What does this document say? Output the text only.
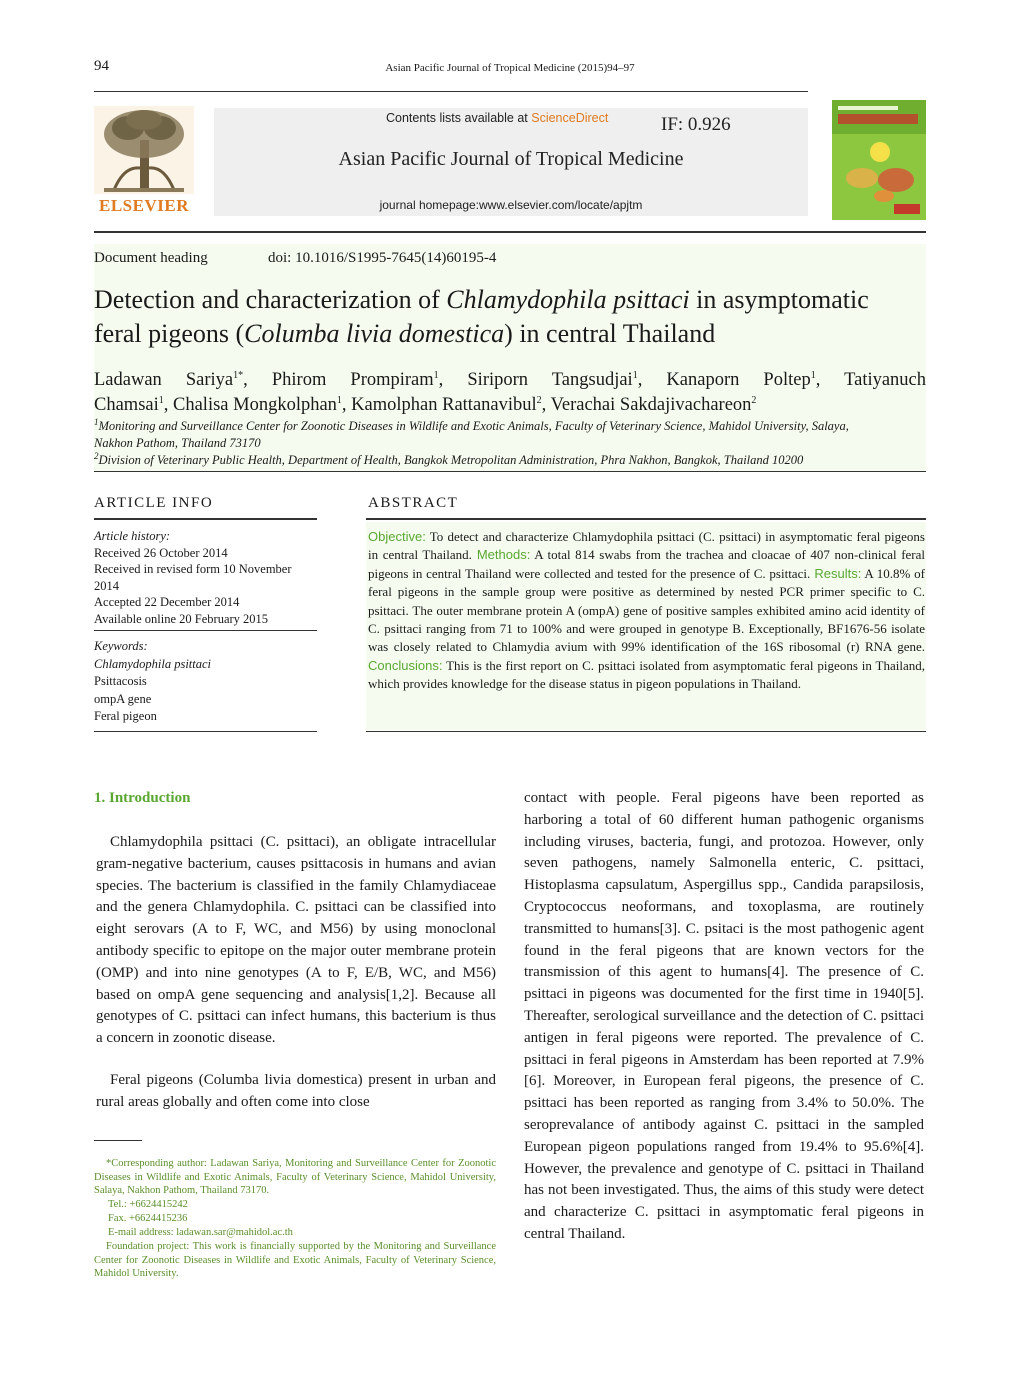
94	Asian Pacific Journal of Tropical Medicine (2015)94–97
ELSEVIER
Contents lists available at ScienceDirect	IF: 0.926
Asian Pacific Journal of Tropical Medicine
journal homepage:www.elsevier.com/locate/apjtm
Document heading	doi: 10.1016/S1995-7645(14)60195-4
Detection and characterization of Chlamydophila psittaci in asymptomatic
feral pigeons (Columba livia domestica) in central Thailand
Ladawan Sariya$^{1*}$, Phirom Prompiram$^1$, Siriporn Tangsudjai$^1$, Kanaporn Poltep$^1$, Tatiyanuch
Chamsai$^1$, Chalisa Mongkolphan$^1$, Kamolphan Rattanavibul$^2$, Verachai Sakdajivachareon$^2$
$^1$Monitoring and Surveillance Center for Zoonotic Diseases in Wildlife and Exotic Animals, Faculty of Veterinary Science, Mahidol University, Salaya,
Nakhon Pathom, Thailand 73170
$^2$Division of Veterinary Public Health, Department of Health, Bangkok Metropolitan Administration, Phra Nakhon, Bangkok, Thailand 10200
ARTICLE INFO
Article history:
Received 26 October 2014
Received in revised form 10 November 2014
Accepted 22 December 2014
Available online 20 February 2015
Keywords:
Chlamydophila psittaci
Psittacosis
ompA gene
Feral pigeon
ABSTRACT
Objective: To detect and characterize Chlamydophila psittaci (C. psittaci) in asymptomatic feral pigeons in central Thailand. Methods: A total 814 swabs from the trachea and cloacae of 407 non-clinical feral pigeons in central Thailand were collected and tested for the presence of C. psittaci. Results: A 10.8% of feral pigeons in the sample group were positive as determined by nested PCR primer specific to C. psittaci. The outer membrane protein A (ompA) gene of positive samples exhibited amino acid identity of C. psittaci ranging from 71 to 100% and were grouped in genotype B. Exceptionally, BF1676-56 isolate was closely related to Chlamydia avium with 99% identification of the 16S ribosomal (r) RNA gene. Conclusions: This is the first report on C. psittaci isolated from asymptomatic feral pigeons in Thailand, which provides knowledge for the disease status in pigeon populations in Thailand.
1. Introduction
Chlamydophila psittaci (C. psittaci), an obligate intracellular gram-negative bacterium, causes psittacosis in humans and avian species. The bacterium is classified in the family Chlamydiaceae and the genera Chlamydophila. C. psittaci can be classified into eight serovars (A to F, WC, and M56) by using monoclonal antibody specific to epitope on the major outer membrane protein (OMP) and into nine genotypes (A to F, E/B, WC, and M56) based on ompA gene sequencing and analysis[1,2]. Because all genotypes of C. psittaci can infect humans, this bacterium is thus a concern in zoonotic disease.
Feral pigeons (Columba livia domestica) present in urban and rural areas globally and often come into close
contact with people. Feral pigeons have been reported as harboring a total of 60 different human pathogenic organisms including viruses, bacteria, fungi, and protozoa. However, only seven pathogens, namely Salmonella enteric, C. psittaci, Histoplasma capsulatum, Aspergillus spp., Candida parapsilosis, Cryptococcus neoformans, and toxoplasma, are routinely transmitted to humans[3]. C. psitaci is the most pathogenic agent found in the feral pigeons that are known vectors for the transmission of this agent to humans[4]. The presence of C. psittaci in pigeons was documented for the first time in 1940[5]. Thereafter, serological surveillance and the detection of C. psittaci antigen in feral pigeons were reported. The prevalence of C. psittaci in feral pigeons in Amsterdam has been reported at 7.9%[6]. Moreover, in European feral pigeons, the presence of C. psittaci has been reported as ranging from 3.4% to 50.0%. The seroprevalance of antibody against C. psittaci in the sampled European pigeon populations ranged from 19.4% to 95.6%[4]. However, the prevalence and genotype of C. psittaci in Thailand has not been investigated. Thus, the aims of this study were detect and characterize C. psittaci in asymptomatic feral pigeons in central Thailand.
*Corresponding author: Ladawan Sariya, Monitoring and Surveillance Center for Zoonotic Diseases in Wildlife and Exotic Animals, Faculty of Veterinary Science, Mahidol University, Salaya, Nakhon Pathom, Thailand 73170.
Tel.: +6624415242
Fax. +6624415236
E-mail address: ladawan.sar@mahidol.ac.th
Foundation project: This work is financially supported by the Monitoring and Surveillance Center for Zoonotic Diseases in Wildlife and Exotic Animals, Faculty of Veterinary Science, Mahidol University.
